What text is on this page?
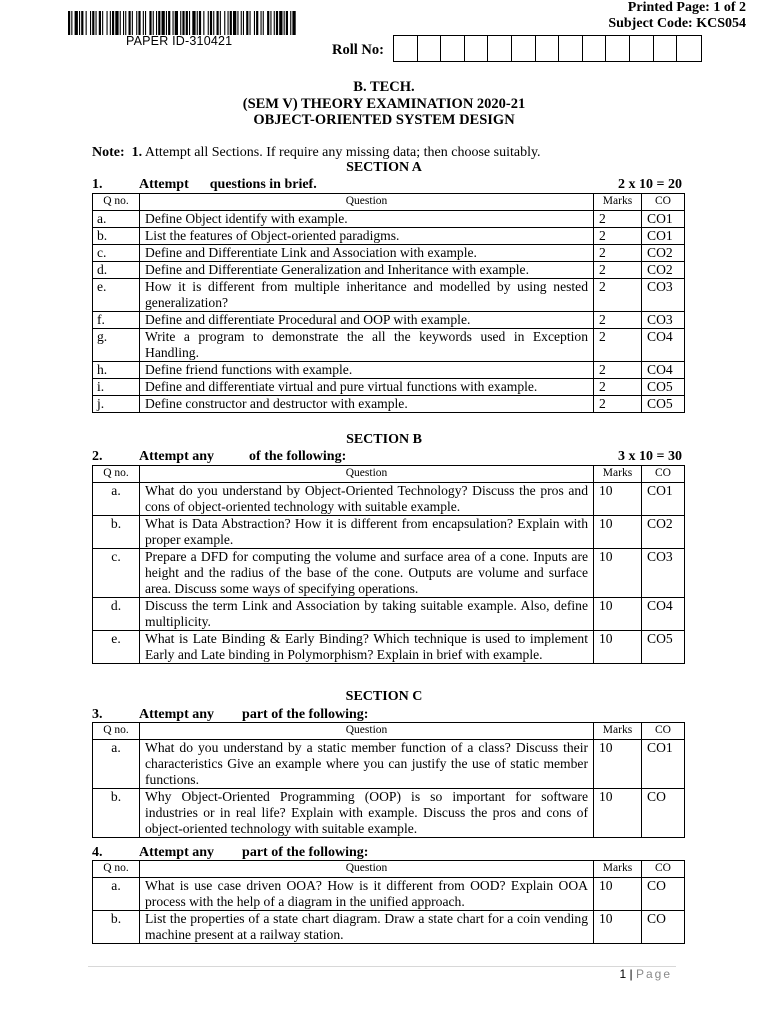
PAPER ID-310421
Printed Page: 1 of 2
Subject Code: KCS054
Roll No:
B. TECH.
(SEM V) THEORY EXAMINATION 2020-21
OBJECT-ORIENTED SYSTEM DESIGN
Note: 1. Attempt all Sections. If require any missing data; then choose suitably.
SECTION A
1.	Attempt      questions in brief.	2 x 10 = 20
Q no.	Question	Marks	CO
a.	Define Object identify with example.	2	CO1
b.	List the features of Object-oriented paradigms.	2	CO1
c.	Define and Differentiate Link and Association with example.	2	CO2
d.	Define and Differentiate Generalization and Inheritance with example.	2	CO2
e.	How it is different from multiple inheritance and modelled by using nested generalization?	2	CO3
f.	Define and differentiate Procedural and OOP with example.	2	CO3
g.	Write a program to demonstrate the all the keywords used in Exception Handling.	2	CO4
h.	Define friend functions with example.	2	CO4
i.	Define and differentiate virtual and pure virtual functions with example.	2	CO5
j.	Define constructor and destructor with example.	2	CO5
SECTION B
2.	Attempt any          of the following:	3 x 10 = 30
Q no.	Question	Marks	CO
a.	What do you understand by Object-Oriented Technology? Discuss the pros and cons of object-oriented technology with suitable example.	10	CO1
b.	What is Data Abstraction? How it is different from encapsulation? Explain with proper example.	10	CO2
c.	Prepare a DFD for computing the volume and surface area of a cone. Inputs are height and the radius of the base of the cone. Outputs are volume and surface area. Discuss some ways of specifying operations.	10	CO3
d.	Discuss the term Link and Association by taking suitable example. Also, define multiplicity.	10	CO4
e.	What is Late Binding & Early Binding? Which technique is used to implement Early and Late binding in Polymorphism? Explain in brief with example.	10	CO5
SECTION C
3.	Attempt any        part of the following:
Q no.	Question	Marks	CO
a.	What do you understand by a static member function of a class? Discuss their characteristics Give an example where you can justify the use of static member functions.	10	CO1
b.	Why Object-Oriented Programming (OOP) is so important for software industries or in real life? Explain with example. Discuss the pros and cons of object-oriented technology with suitable example.	10	CO
4.	Attempt any        part of the following:
Q no.	Question	Marks	CO
a.	What is use case driven OOA? How is it different from OOD? Explain OOA process with the help of a diagram in the unified approach.	10	CO
b.	List the properties of a state chart diagram. Draw a state chart for a coin vending machine present at a railway station.	10	CO
1 | Page
